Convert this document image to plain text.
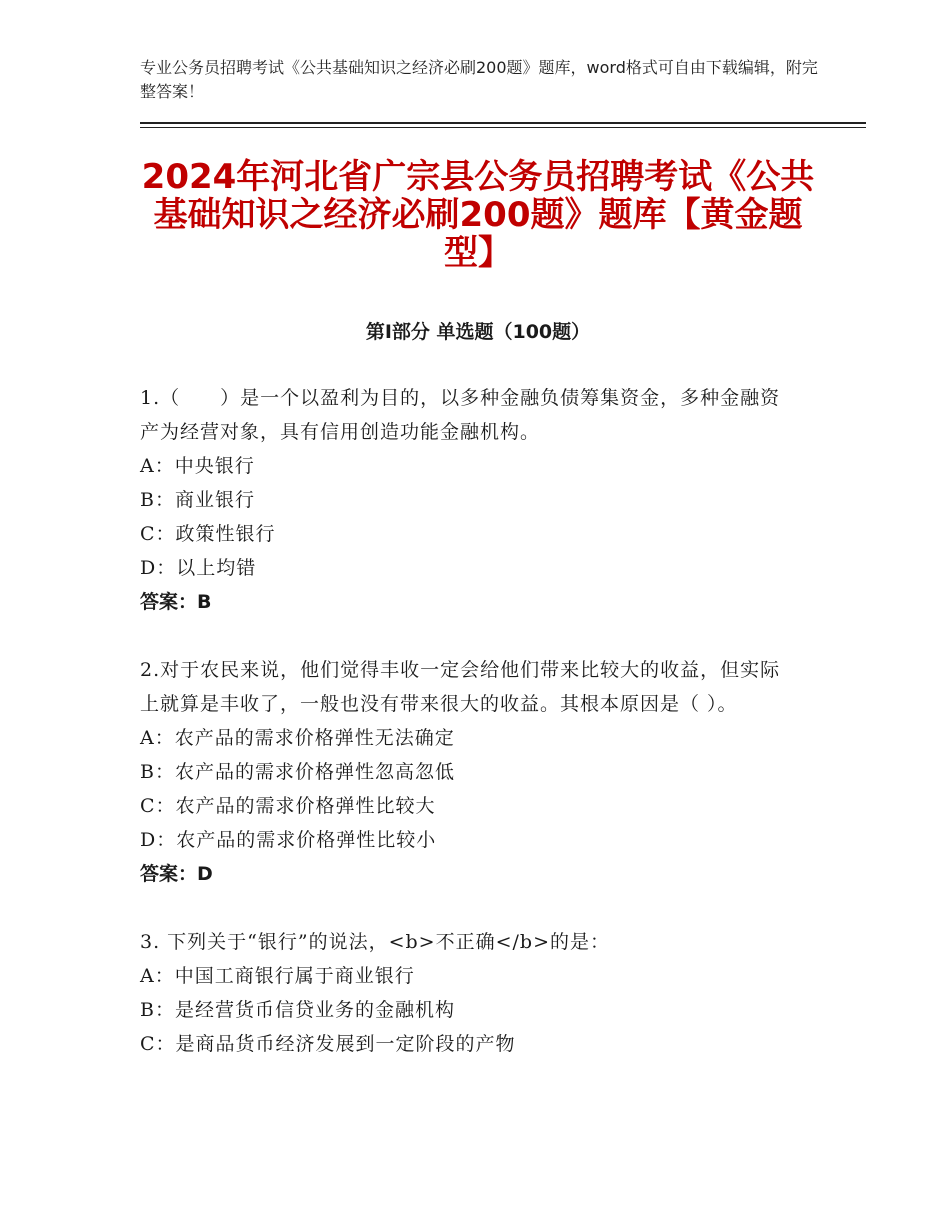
专业公务员招聘考试《公共基础知识之经济必刷200题》题库，word格式可自由下载编辑，附完整答案！
2024年河北省广宗县公务员招聘考试《公共基础知识之经济必刷200题》题库【黄金题型】
第I部分 单选题（100题）
1.（　　）是一个以盈利为目的，以多种金融负债筹集资金，多种金融资产为经营对象，具有信用创造功能金融机构。
A：中央银行
B：商业银行
C：政策性银行
D：以上均错
答案：B
2.对于农民来说，他们觉得丰收一定会给他们带来比较大的收益，但实际上就算是丰收了，一般也没有带来很大的收益。其根本原因是（ ）。
A：农产品的需求价格弹性无法确定
B：农产品的需求价格弹性忽高忽低
C：农产品的需求价格弹性比较大
D：农产品的需求价格弹性比较小
答案：D
3. 下列关于“银行”的说法，<b>不正确</b>的是：
A：中国工商银行属于商业银行
B：是经营货币信贷业务的金融机构
C：是商品货币经济发展到一定阶段的产物
